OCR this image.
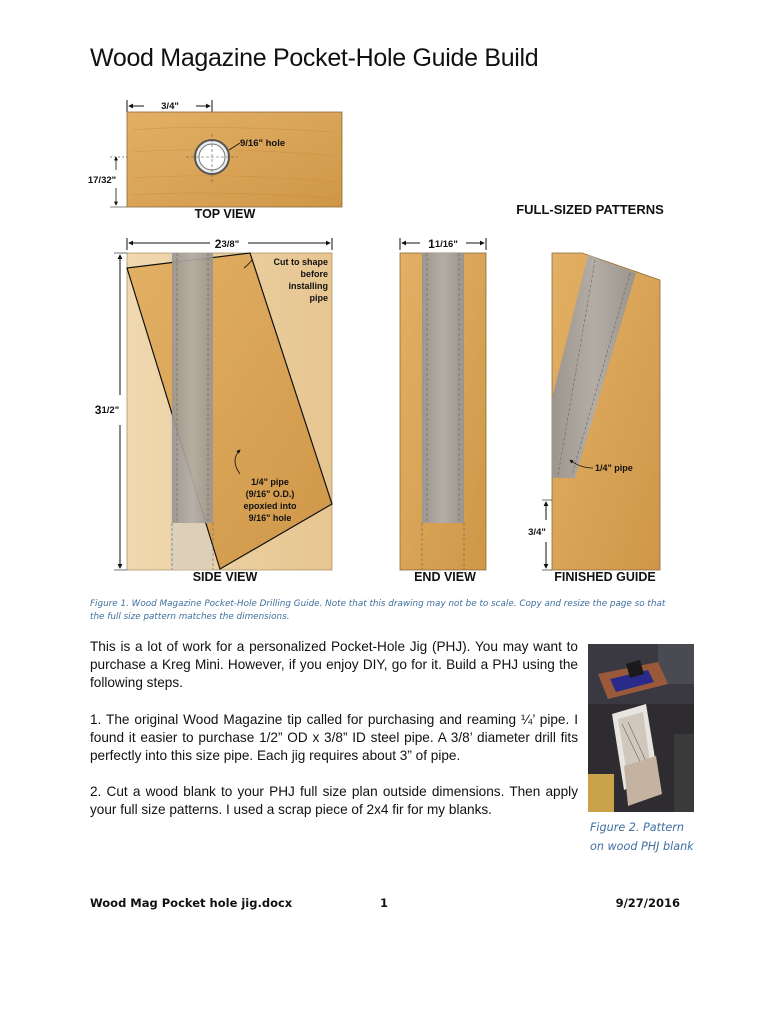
Wood Magazine Pocket-Hole Guide Build
3/4"
9/16" hole
17/32"
TOP VIEW	FULL-SIZED PATTERNS
23/8"
Cut to shape
before
installing
pipe
1/4" pipe
(9/16" O.D.)
epoxied into
9/16" hole
31/2"
SIDE VIEW
11/16"
END VIEW
1/4" pipe
3/4"
FINISHED GUIDE
Figure 1. Wood Magazine Pocket-Hole Drilling Guide. Note that this drawing may not be to scale. Copy and resize the page so that the full size pattern matches the dimensions.

This is a lot of work for a personalized Pocket-Hole Jig (PHJ). You may want to purchase a Kreg Mini. However, if you enjoy DIY, go for it. Build a PHJ using the following steps.

1. The original Wood Magazine tip called for purchasing and reaming ¼’ pipe. I found it easier to purchase 1/2” OD x 3/8” ID steel pipe. A 3/8’ diameter drill fits perfectly into this size pipe. Each jig requires about 3” of pipe.

2. Cut a wood blank to your PHJ full size plan outside dimensions. Then apply your full size patterns. I used a scrap piece of 2x4 fir for my blanks.

Figure 2. Pattern on wood PHJ blank
Wood Mag Pocket hole jig.docx	1	9/27/2016
